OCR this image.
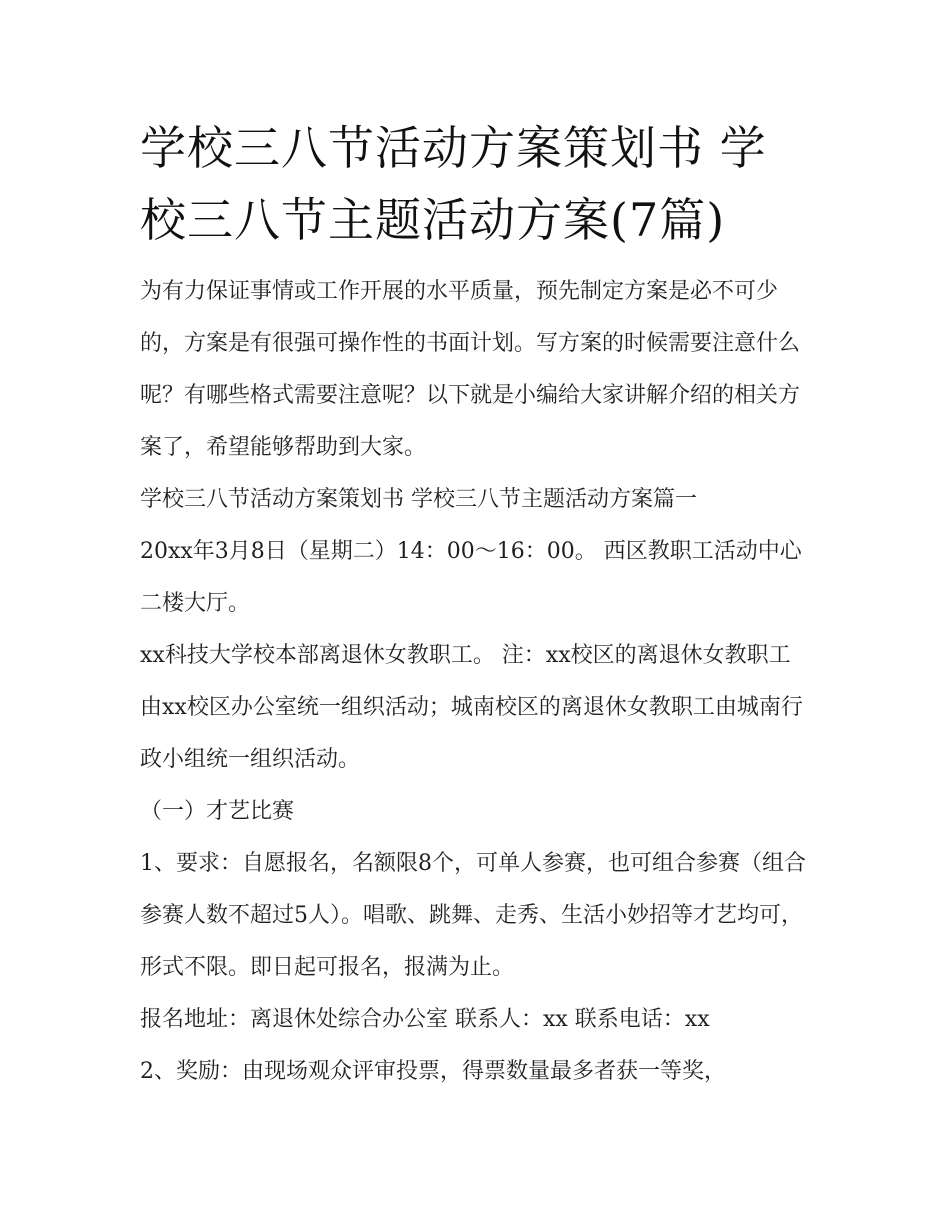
学校三八节活动方案策划书 学校三八节主题活动方案(7篇)

为有力保证事情或工作开展的水平质量，预先制定方案是必不可少的，方案是有很强可操作性的书面计划。写方案的时候需要注意什么呢？有哪些格式需要注意呢？以下就是小编给大家讲解介绍的相关方案了，希望能够帮助到大家。

学校三八节活动方案策划书 学校三八节主题活动方案篇一

20xx年3月8日（星期二）14：00～16：00。 西区教职工活动中心二楼大厅。

xx科技大学校本部离退休女教职工。 注：xx校区的离退休女教职工由xx校区办公室统一组织活动；城南校区的离退休女教职工由城南行政小组统一组织活动。

（一）才艺比赛

1、要求：自愿报名，名额限8个，可单人参赛，也可组合参赛（组合参赛人数不超过5人）。唱歌、跳舞、走秀、生活小妙招等才艺均可，形式不限。即日起可报名，报满为止。

报名地址：离退休处综合办公室 联系人：xx 联系电话：xx

2、奖励：由现场观众评审投票，得票数量最多者获一等奖，
